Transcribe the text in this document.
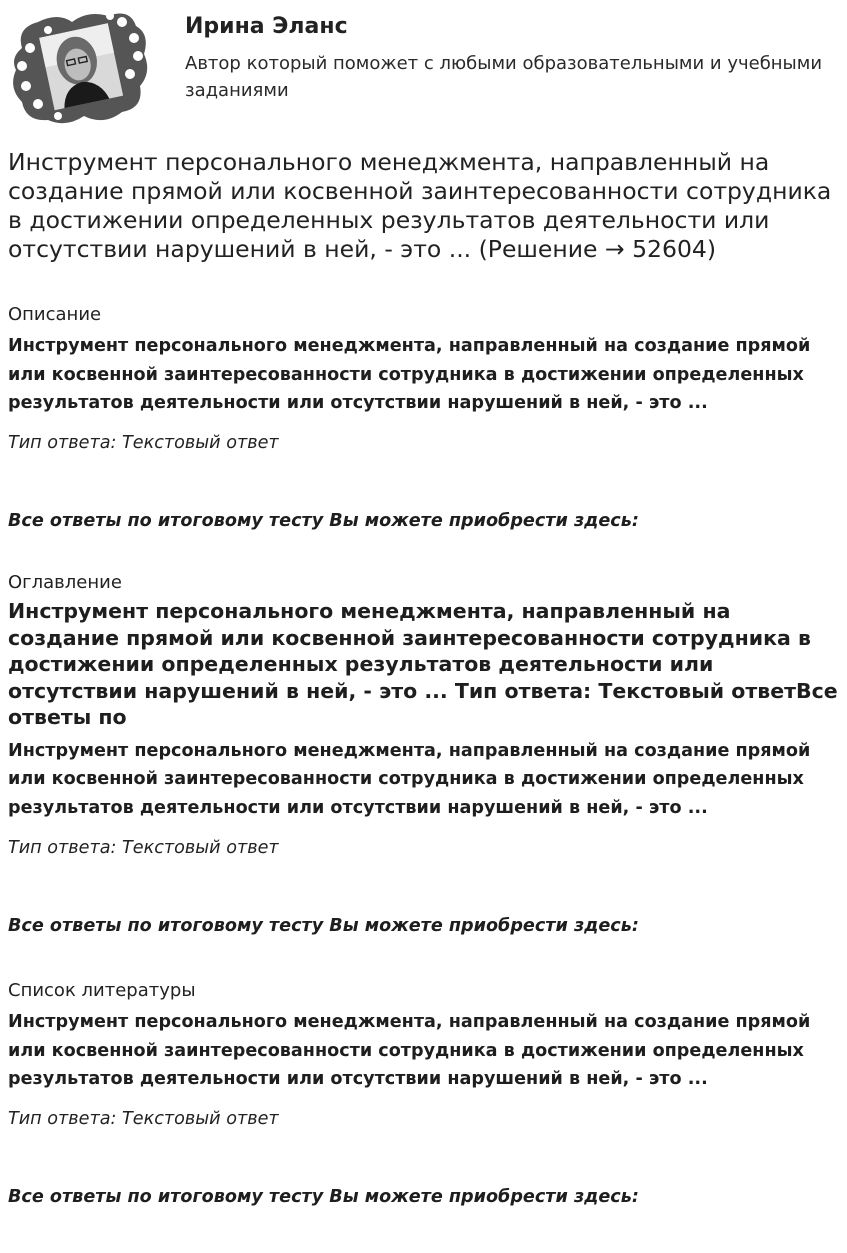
Ирина Эланс
Автор который поможет с любыми образовательными и учебными заданиями
Инструмент персонального менеджмента, направленный на создание прямой или косвенной заинтересованности сотрудника в достижении определенных результатов деятельности или отсутствии нарушений в ней, - это ... (Решение → 52604)
Описание
Инструмент персонального менеджмента, направленный на создание прямой или косвенной заинтересованности сотрудника в достижении определенных результатов деятельности или отсутствии нарушений в ней, - это ...
Тип ответа: Текстовый ответ
Все ответы по итоговому тесту Вы можете приобрести здесь:
Оглавление
Инструмент персонального менеджмента, направленный на создание прямой или косвенной заинтересованности сотрудника в достижении определенных результатов деятельности или отсутствии нарушений в ней, - это ... Тип ответа: Текстовый ответВсе ответы по
Инструмент персонального менеджмента, направленный на создание прямой или косвенной заинтересованности сотрудника в достижении определенных результатов деятельности или отсутствии нарушений в ней, - это ...
Тип ответа: Текстовый ответ
Все ответы по итоговому тесту Вы можете приобрести здесь:
Список литературы
Инструмент персонального менеджмента, направленный на создание прямой или косвенной заинтересованности сотрудника в достижении определенных результатов деятельности или отсутствии нарушений в ней, - это ...
Тип ответа: Текстовый ответ
Все ответы по итоговому тесту Вы можете приобрести здесь:
